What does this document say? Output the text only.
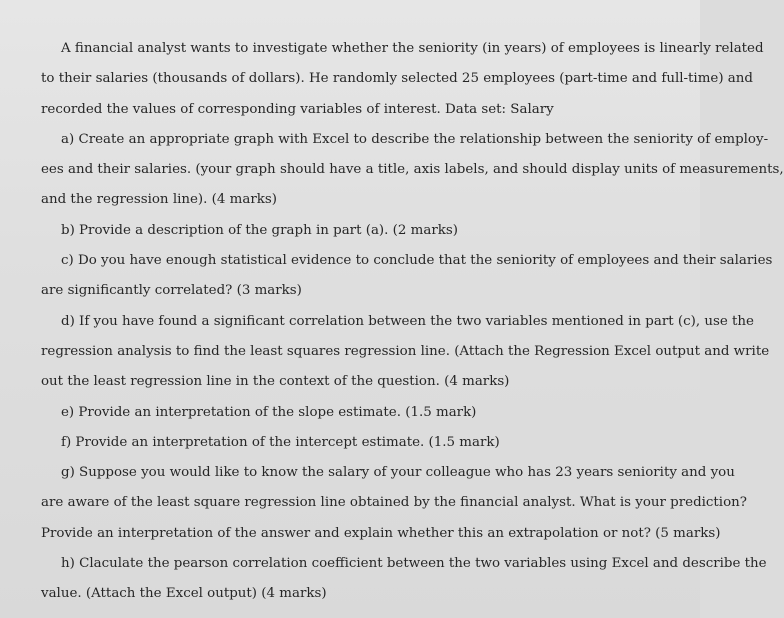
A financial analyst wants to investigate whether the seniority (in years) of employees is linearly related
to their salaries (thousands of dollars). He randomly selected 25 employees (part-time and full-time) and
recorded the values of corresponding variables of interest. Data set: Salary
a) Create an appropriate graph with Excel to describe the relationship between the seniority of employ-
ees and their salaries. (your graph should have a title, axis labels, and should display units of measurements,
and the regression line). (4 marks)
b) Provide a description of the graph in part (a). (2 marks)
c) Do you have enough statistical evidence to conclude that the seniority of employees and their salaries
are significantly correlated? (3 marks)
d) If you have found a significant correlation between the two variables mentioned in part (c), use the
regression analysis to find the least squares regression line. (Attach the Regression Excel output and write
out the least regression line in the context of the question. (4 marks)
e) Provide an interpretation of the slope estimate. (1.5 mark)
f) Provide an interpretation of the intercept estimate. (1.5 mark)
g) Suppose you would like to know the salary of your colleague who has 23 years seniority and you
are aware of the least square regression line obtained by the financial analyst. What is your prediction?
Provide an interpretation of the answer and explain whether this an extrapolation or not? (5 marks)
h) Claculate the pearson correlation coefficient between the two variables using Excel and describe the
value. (Attach the Excel output) (4 marks)
